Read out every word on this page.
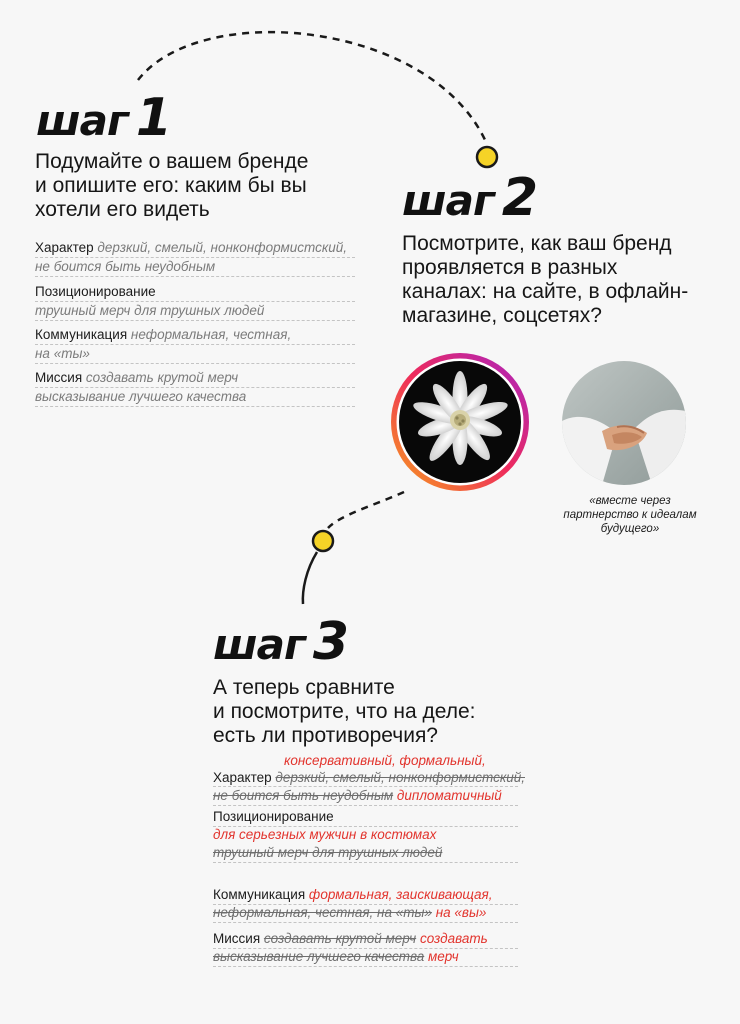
шаг 1
Подумайте о вашем бренде
и опишите его: каким бы вы
хотели его видеть
Характер дерзкий, смелый, нонконформистский,
не боится быть неудобным
Позиционирование
трушный мерч для трушных людей
Коммуникация неформальная, честная,
на «ты»
Миссия создавать крутой мерч
высказывание лучшего качества
шаг 2
Посмотрите, как ваш бренд
проявляется в разных
каналах: на сайте, в офлайн-
магазине, соцсетях?
«вместе через
партнерство к идеалам
будущего»
шаг 3
А теперь сравните
и посмотрите, что на деле:
есть ли противоречия?
консервативный, формальный,
Характер дерзкий, смелый, нонконформистский,
не боится быть неудобным дипломатичный
Позиционирование
для серьезных мужчин в костюмах
трушный мерч для трушных людей
Коммуникация формальная, заискивающая,
неформальная, честная, на «ты» на «вы»
Миссия создавать крутой мерч создавать
высказывание лучшего качества мерч
